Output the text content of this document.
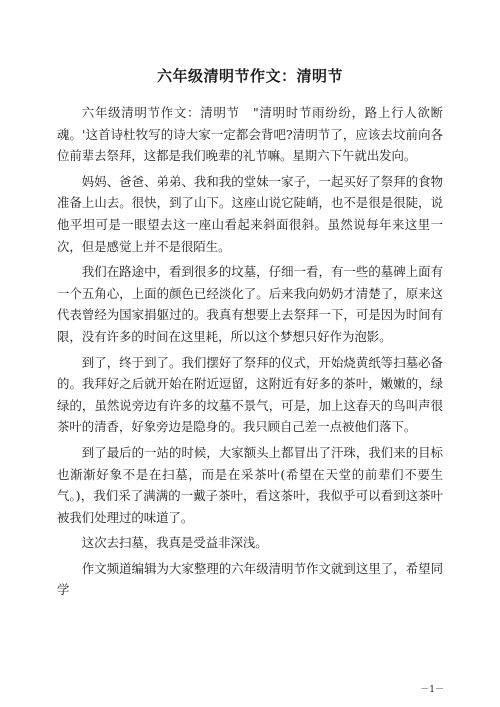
六年级清明节作文：清明节

六年级清明节作文：清明节　"清明时节雨纷纷，路上行人欲断魂。'这首诗杜牧写的诗大家一定都会背吧?清明节了，应该去坟前向各位前辈去祭拜，这都是我们晚辈的礼节嘛。星期六下午就出发向。

妈妈、爸爸、弟弟、我和我的堂妹一家子，一起买好了祭拜的食物准备上山去。很快，到了山下。这座山说它陡峭，也不是很是很陡，说他平坦可是一眼望去这一座山看起来斜面很斜。虽然说每年来这里一次，但是感觉上并不是很陌生。

我们在路途中，看到很多的坟墓，仔细一看，有一些的墓碑上面有一个五角心，上面的颜色已经淡化了。后来我向奶奶才清楚了，原来这代表曾经为国家捐躯过的。我真有想要上去祭拜一下，可是因为时间有限，没有许多的时间在这里耗，所以这个梦想只好作为泡影。

到了，终于到了。我们摆好了祭拜的仪式，开始烧黄纸等扫墓必备的。我拜好之后就开始在附近逗留，这附近有好多的茶叶，嫩嫩的，绿绿的，虽然说旁边有许多的坟墓不景气，可是，加上这春天的鸟叫声很茶叶的清香，好象旁边是隐身的。我只顾自己差一点被他们落下。

到了最后的一站的时候，大家额头上都冒出了汗珠，我们来的目标也渐渐好象不是在扫墓，而是在采茶叶(希望在天堂的前辈们不要生气。)，我们采了满满的一戴子茶叶，看这茶叶，我似乎可以看到这茶叶被我们处理过的味道了。

这次去扫墓，我真是受益非深浅。

作文频道编辑为大家整理的六年级清明节作文就到这里了，希望同学

－1－
